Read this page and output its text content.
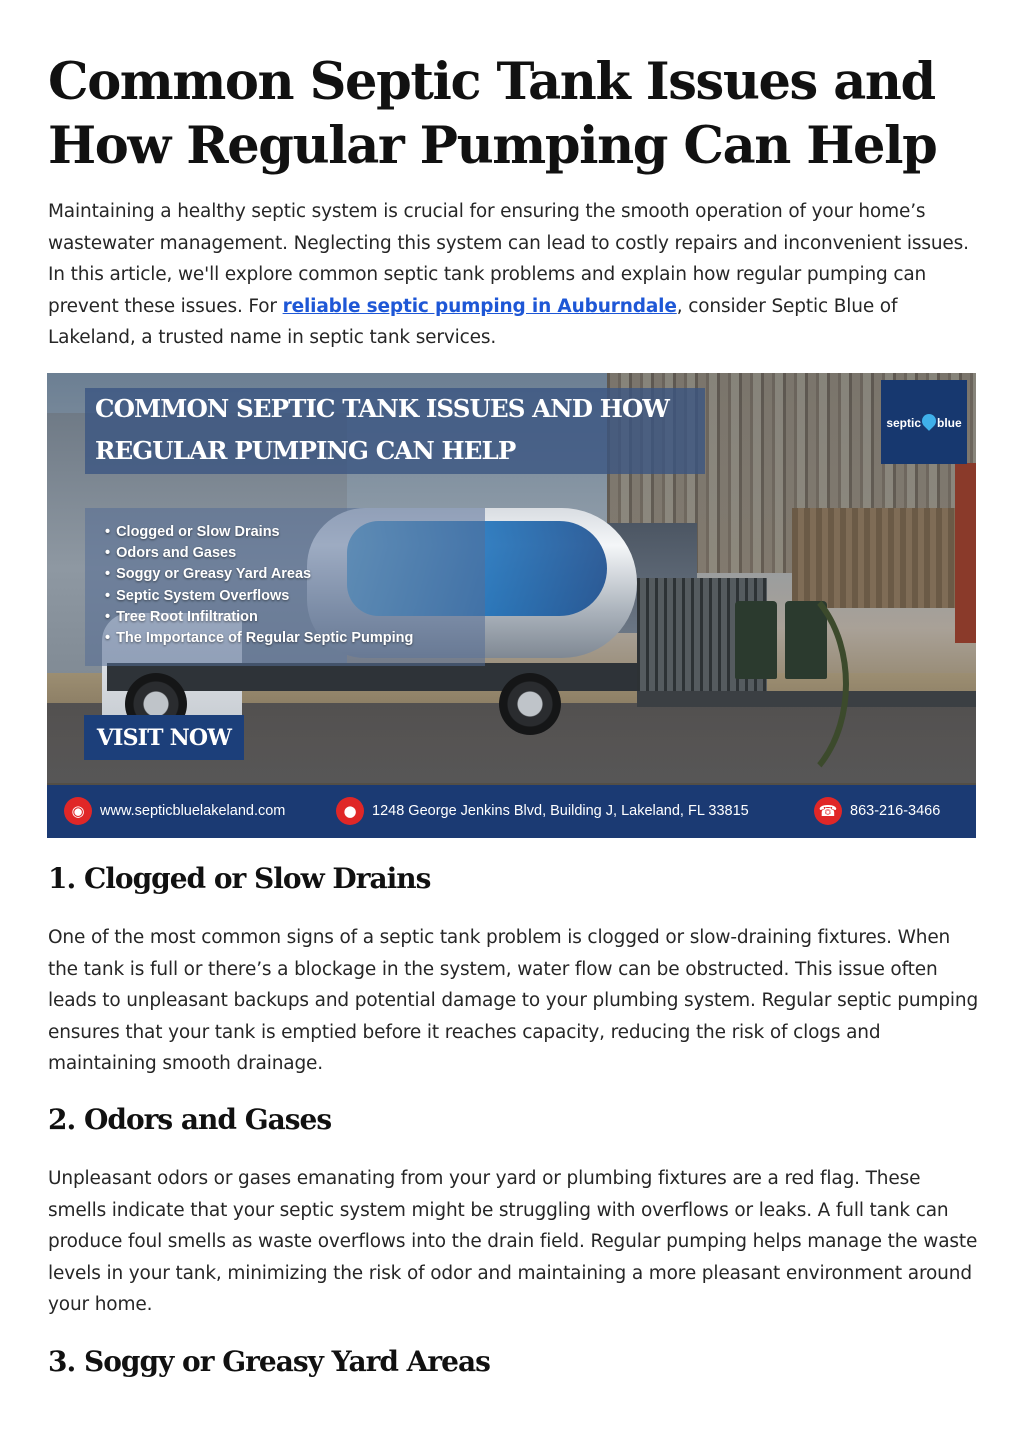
Common Septic Tank Issues and How Regular Pumping Can Help

Maintaining a healthy septic system is crucial for ensuring the smooth operation of your home’s wastewater management. Neglecting this system can lead to costly repairs and inconvenient issues. In this article, we'll explore common septic tank problems and explain how regular pumping can prevent these issues. For reliable septic pumping in Auburndale, consider Septic Blue of Lakeland, a trusted name in septic tank services.

COMMON SEPTIC TANK ISSUES AND HOW
REGULAR PUMPING CAN HELP
septic blue
• Clogged or Slow Drains
• Odors and Gases
• Soggy or Greasy Yard Areas
• Septic System Overflows
• Tree Root Infiltration
• The Importance of Regular Septic Pumping
VISIT NOW
◉	www.septicbluelakeland.com	●	1248 George Jenkins Blvd, Building J, Lakeland, FL 33815	☎ 863-216-3466
1. Clogged or Slow Drains

One of the most common signs of a septic tank problem is clogged or slow-draining fixtures. When the tank is full or there’s a blockage in the system, water flow can be obstructed. This issue often leads to unpleasant backups and potential damage to your plumbing system. Regular septic pumping ensures that your tank is emptied before it reaches capacity, reducing the risk of clogs and maintaining smooth drainage.

2. Odors and Gases

Unpleasant odors or gases emanating from your yard or plumbing fixtures are a red flag. These smells indicate that your septic system might be struggling with overflows or leaks. A full tank can produce foul smells as waste overflows into the drain field. Regular pumping helps manage the waste levels in your tank, minimizing the risk of odor and maintaining a more pleasant environment around your home.

3. Soggy or Greasy Yard Areas
